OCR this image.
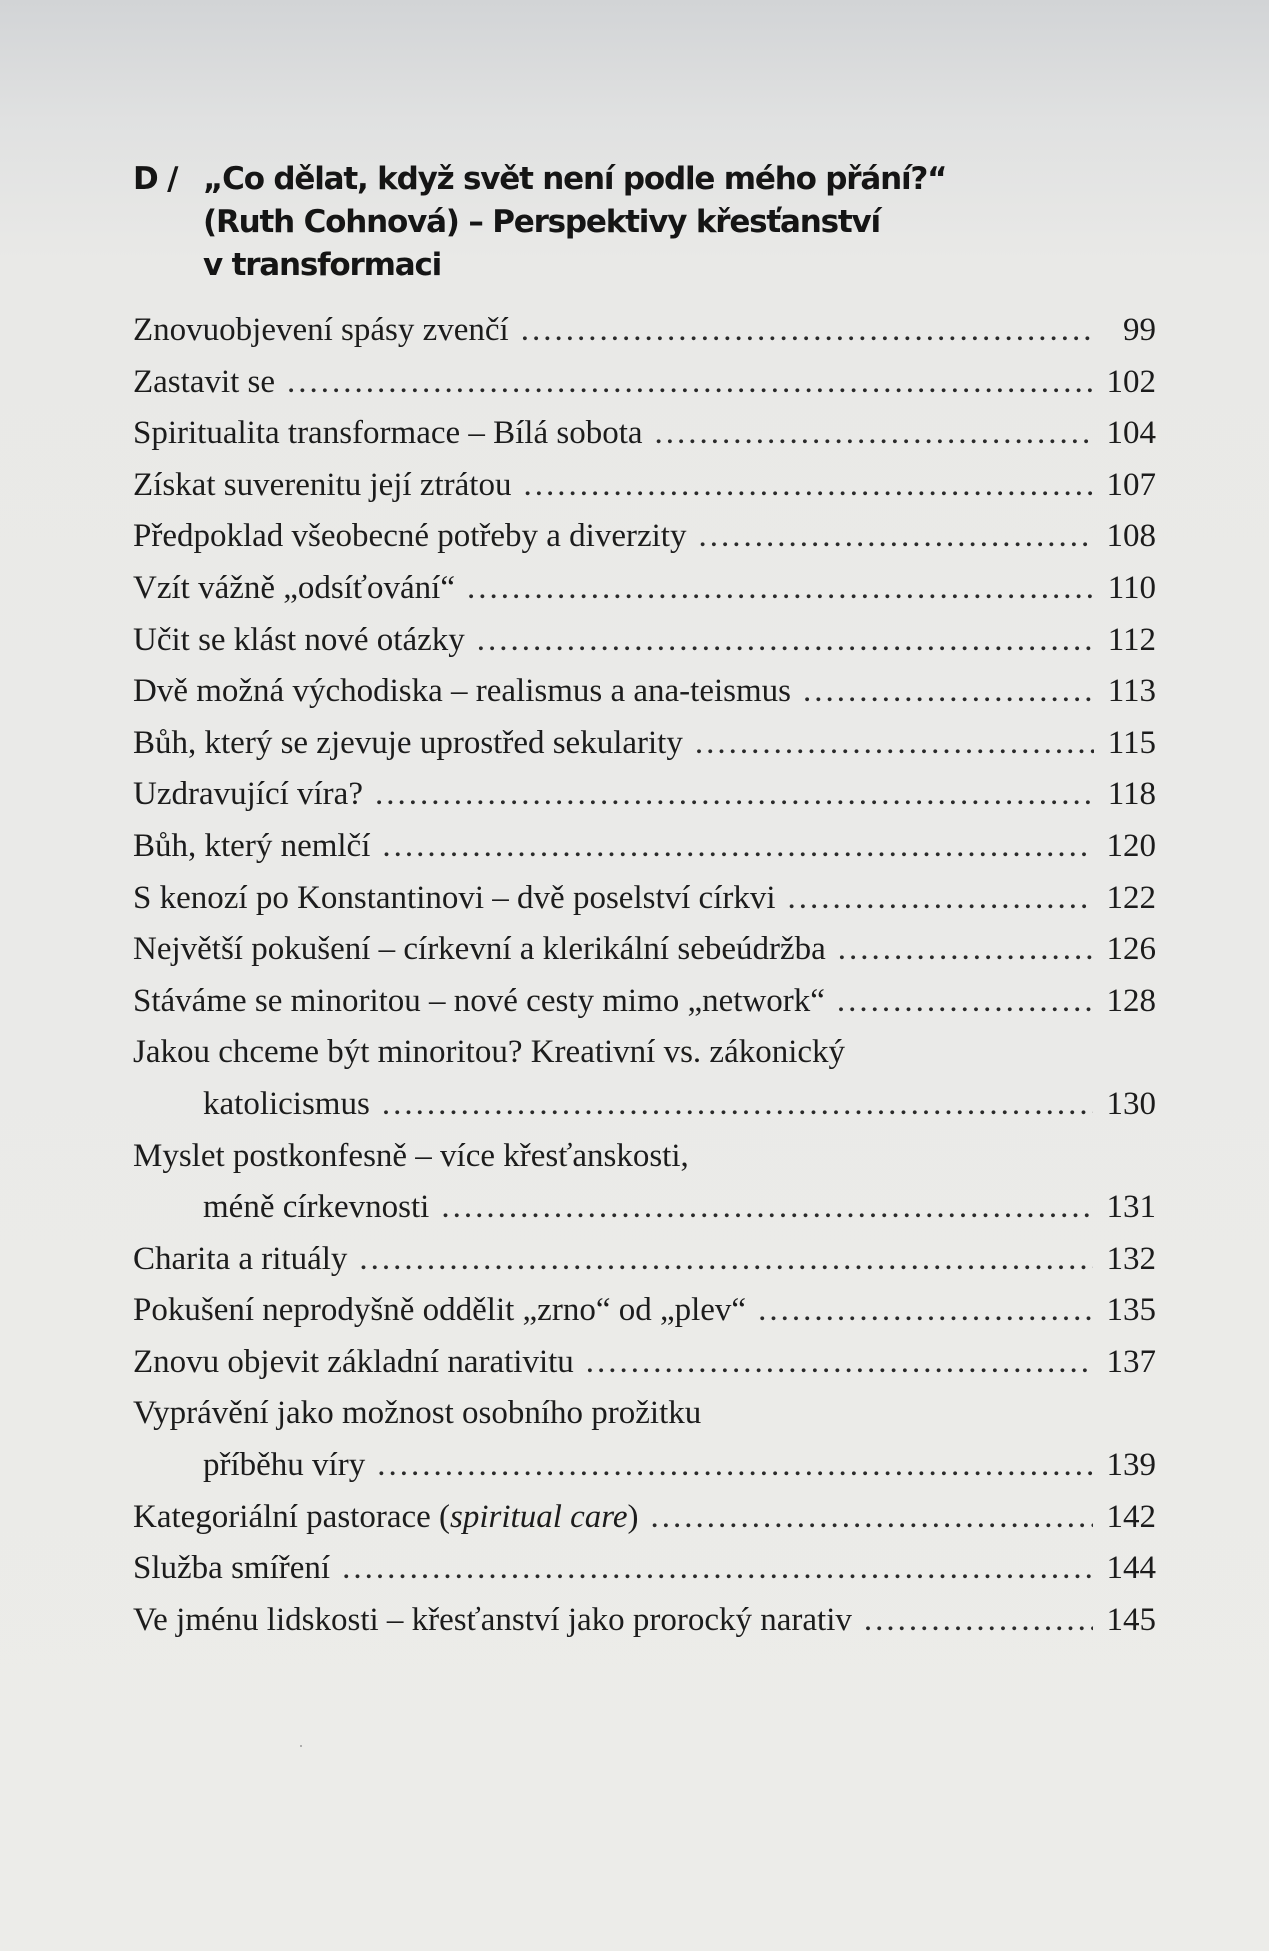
D / „Co dělat, když svět není podle mého přání?“
(Ruth Cohnová) – Perspektivy křesťanství
v transformaci
Znovuobjevení spásy zvenčí .....	99
Zastavit se .....	102
Spiritualita transformace – Bílá sobota .....	104
Získat suverenitu její ztrátou .....	107
Předpoklad všeobecné potřeby a diverzity .....	108
Vzít vážně „odsíťování“ .....	110
Učit se klást nové otázky .....	112
Dvě možná východiska – realismus a ana-teismus .....	113
Bůh, který se zjevuje uprostřed sekularity .....	115
Uzdravující víra? .....	118
Bůh, který nemlčí .....	120
S kenozí po Konstantinovi – dvě poselství církvi .....	122
Největší pokušení – církevní a klerikální sebeúdržba .....	126
Stáváme se minoritou – nové cesty mimo „network“ .....	128
Jakou chceme být minoritou? Kreativní vs. zákonický
katolicismus .....	130
Myslet postkonfesně – více křesťanskosti,
méně církevnosti .....	131
Charita a rituály .....	132
Pokušení neprodyšně oddělit „zrno“ od „plev“ .....	135
Znovu objevit základní narativitu .....	137
Vyprávění jako možnost osobního prožitku
příběhu víry .....	139
Kategoriální pastorace (spiritual care) .....	142
Služba smíření .....	144
Ve jménu lidskosti – křesťanství jako prorocký narativ .....	145
